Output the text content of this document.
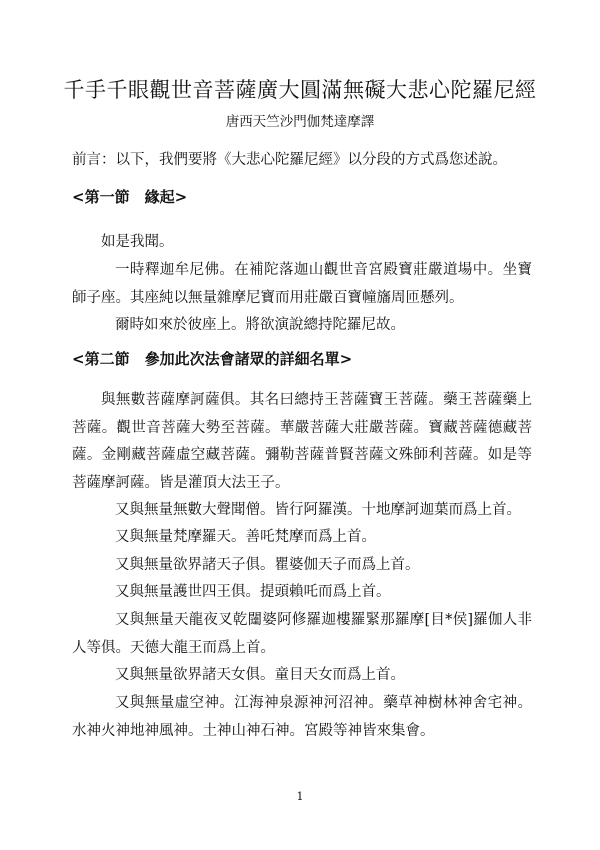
千手千眼觀世音菩薩廣大圓滿無礙大悲心陀羅尼經
唐西天竺沙門伽梵達摩譯
前言：以下，我們要將《大悲心陀羅尼經》以分段的方式爲您述說。
<第一節　緣起>
如是我聞。
一時釋迦牟尼佛。在補陀落迦山觀世音宮殿寶莊嚴道場中。坐寶師子座。其座純以無量雜摩尼寶而用莊嚴百寶幢旛周匝懸列。
爾時如來於彼座上。將欲演說總持陀羅尼故。
<第二節　參加此次法會諸眾的詳細名單>
與無數菩薩摩訶薩俱。其名曰總持王菩薩寶王菩薩。藥王菩薩藥上菩薩。觀世音菩薩大勢至菩薩。華嚴菩薩大莊嚴菩薩。寶藏菩薩德藏菩薩。金剛藏菩薩虛空藏菩薩。彌勒菩薩普賢菩薩文殊師利菩薩。如是等菩薩摩訶薩。皆是灌頂大法王子。
又與無量無數大聲聞僧。皆行阿羅漢。十地摩訶迦葉而爲上首。
又與無量梵摩羅天。善吒梵摩而爲上首。
又與無量欲界諸天子俱。瞿婆伽天子而爲上首。
又與無量護世四王俱。提頭賴吒而爲上首。
又與無量天龍夜叉乾闥婆阿修羅迦樓羅緊那羅摩[目*侯]羅伽人非人等俱。天德大龍王而爲上首。
又與無量欲界諸天女俱。童目天女而爲上首。
又與無量虛空神。江海神泉源神河沼神。藥草神樹林神舍宅神。水神火神地神風神。土神山神石神。宮殿等神皆來集會。
1
